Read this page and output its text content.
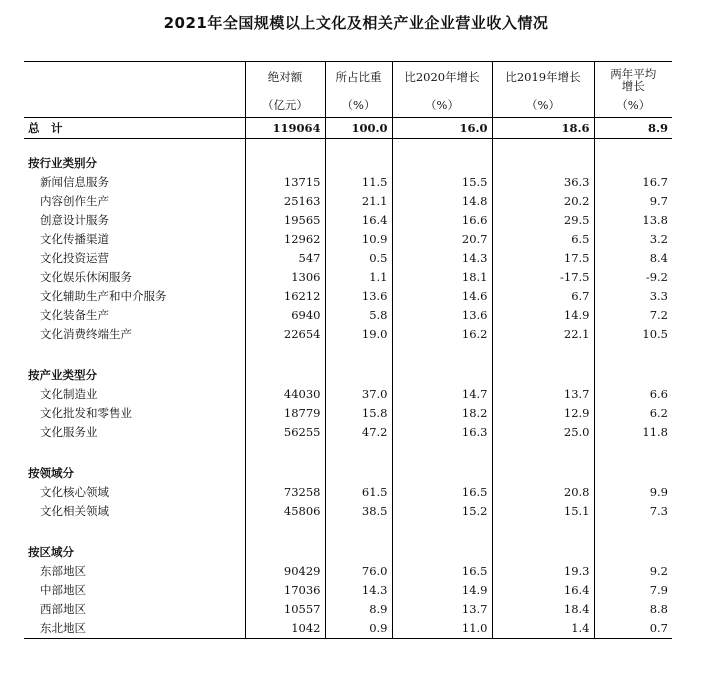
2021年全国规模以上文化及相关产业企业营业收入情况
	绝对额	所占比重	比2020年增长	比2019年增长	两年平均
增长
	（亿元）	（%）	（%）	（%）	（%）
总　计	119064	100.0	16.0	18.6	8.9

按行业类别分					
新闻信息服务	13715	11.5	15.5	36.3	16.7
内容创作生产	25163	21.1	14.8	20.2	9.7
创意设计服务	19565	16.4	16.6	29.5	13.8
文化传播渠道	12962	10.9	20.7	6.5	3.2
文化投资运营	547	0.5	14.3	17.5	8.4
文化娱乐休闲服务	1306	1.1	18.1	-17.5	-9.2
文化辅助生产和中介服务	16212	13.6	14.6	6.7	3.3
文化装备生产	6940	5.8	13.6	14.9	7.2
文化消费终端生产	22654	19.0	16.2	22.1	10.5

按产业类型分					
文化制造业	44030	37.0	14.7	13.7	6.6
文化批发和零售业	18779	15.8	18.2	12.9	6.2
文化服务业	56255	47.2	16.3	25.0	11.8

按领域分					
文化核心领域	73258	61.5	16.5	20.8	9.9
文化相关领域	45806	38.5	15.2	15.1	7.3

按区域分					
东部地区	90429	76.0	16.5	19.3	9.2
中部地区	17036	14.3	14.9	16.4	7.9
西部地区	10557	8.9	13.7	18.4	8.8
东北地区	1042	0.9	11.0	1.4	0.7
